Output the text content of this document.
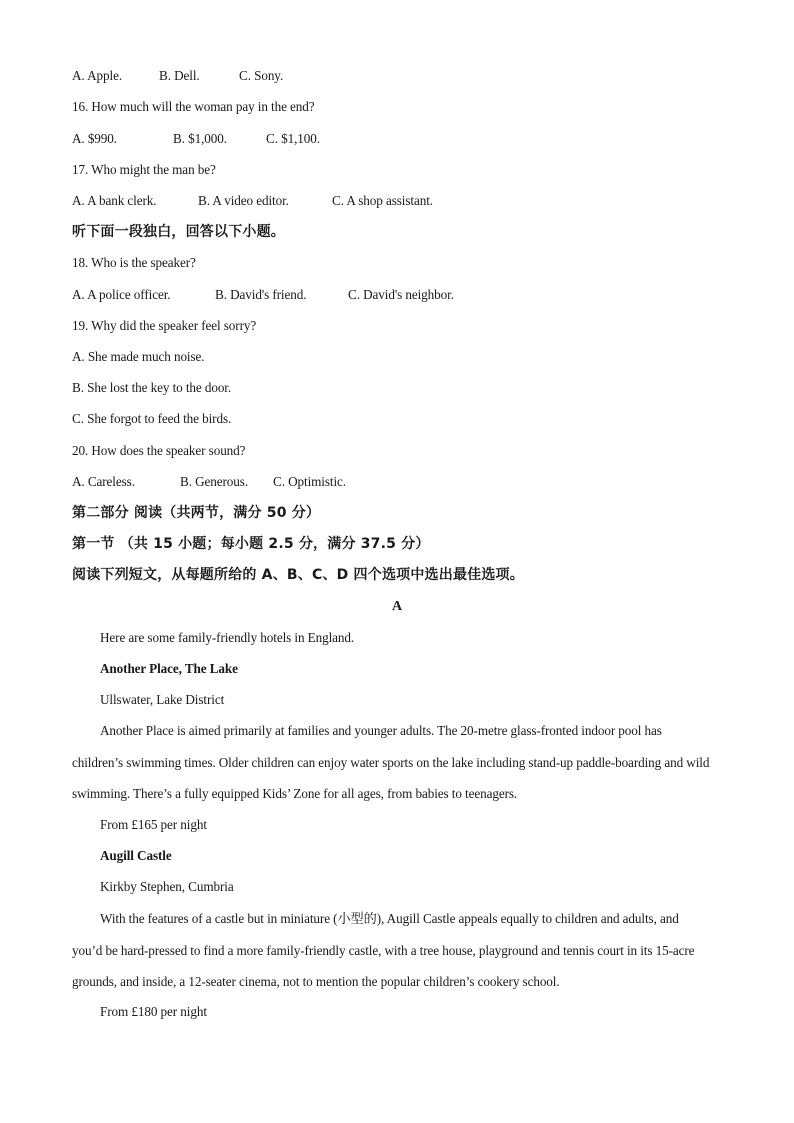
A. Apple.	B. Dell.	C. Sony.
16. How much will the woman pay in the end?
A. $990.	B. $1,000.	C. $1,100.
17. Who might the man be?
A. A bank clerk.	B. A video editor.	C. A shop assistant.
听下面一段独白，回答以下小题。
18. Who is the speaker?
A. A police officer.	B. David's friend.	C. David's neighbor.
19. Why did the speaker feel sorry?
A. She made much noise.
B. She lost the key to the door.
C. She forgot to feed the birds.
20. How does the speaker sound?
A. Careless.	B. Generous. C. Optimistic.
第二部分 阅读（共两节，满分 50 分）
第一节 （共 15 小题；每小题 2.5 分，满分 37.5 分）
阅读下列短文，从每题所给的 A、B、C、D 四个选项中选出最佳选项。
A
Here are some family-friendly hotels in England.
Another Place, The Lake
Ullswater, Lake District

Another Place is aimed primarily at families and younger adults. The 20-metre glass-fronted indoor pool has children’s swimming times. Older children can enjoy water sports on the lake including stand-up paddle-boarding and wild swimming. There’s a fully equipped Kids’ Zone for all ages, from babies to teenagers.

From £165 per night
Augill Castle
Kirkby Stephen, Cumbria

With the features of a castle but in miniature (小型的), Augill Castle appeals equally to children and adults, and you’d be hard-pressed to find a more family-friendly castle, with a tree house, playground and tennis court in its 15-acre grounds, and inside, a 12-seater cinema, not to mention the popular children’s cookery school.

From £180 per night
